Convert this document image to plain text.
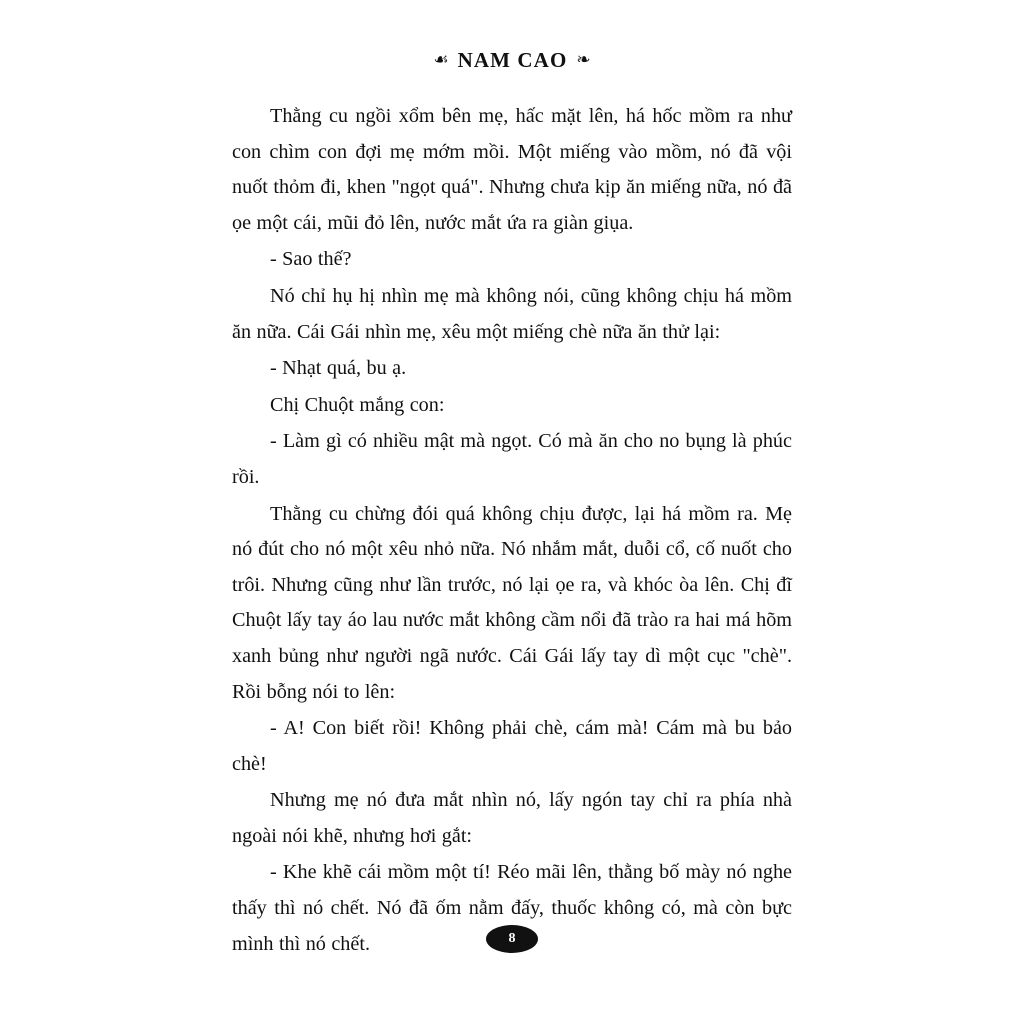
☙ NAM CAO ❧

Thằng cu ngồi xổm bên mẹ, hấc mặt lên, há hốc mồm ra như con chìm con đợi mẹ mớm mồi. Một miếng vào mồm, nó đã vội nuốt thỏm đi, khen "ngọt quá". Nhưng chưa kịp ăn miếng nữa, nó đã ọe một cái, mũi đỏ lên, nước mắt ứa ra giàn giụa.

- Sao thế?

Nó chỉ hụ hị nhìn mẹ mà không nói, cũng không chịu há mồm ăn nữa. Cái Gái nhìn mẹ, xêu một miếng chè nữa ăn thử lại:

- Nhạt quá, bu ạ.

Chị Chuột mắng con:

- Làm gì có nhiều mật mà ngọt. Có mà ăn cho no bụng là phúc rồi.

Thằng cu chừng đói quá không chịu được, lại há mồm ra. Mẹ nó đút cho nó một xêu nhỏ nữa. Nó nhắm mắt, duỗi cổ, cố nuốt cho trôi. Nhưng cũng như lần trước, nó lại ọe ra, và khóc òa lên. Chị đĩ Chuột lấy tay áo lau nước mắt không cầm nổi đã trào ra hai má hõm xanh bủng như người ngã nước. Cái Gái lấy tay dì một cục "chè". Rồi bỗng nói to lên:

- A! Con biết rồi! Không phải chè, cám mà! Cám mà bu bảo chè!

Nhưng mẹ nó đưa mắt nhìn nó, lấy ngón tay chỉ ra phía nhà ngoài nói khẽ, nhưng hơi gắt:

- Khe khẽ cái mồm một tí! Réo mãi lên, thằng bố mày nó nghe thấy thì nó chết. Nó đã ốm nằm đấy, thuốc không có, mà còn bực mình thì nó chết.	8
